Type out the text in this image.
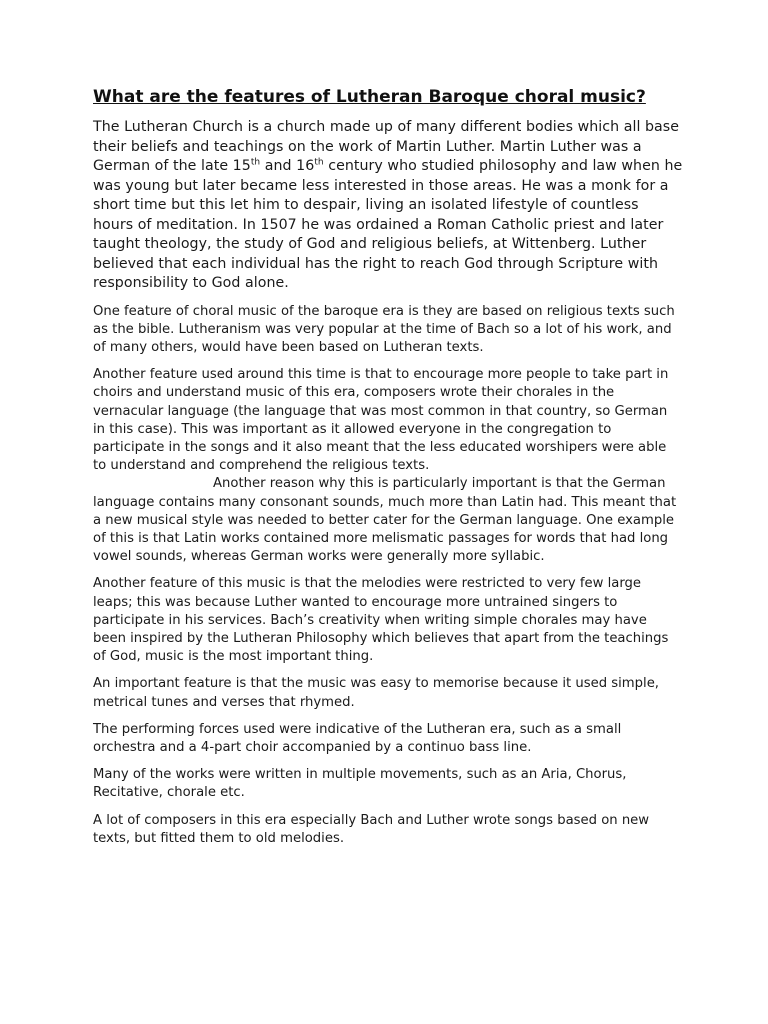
What are the features of Lutheran Baroque choral music?

The Lutheran Church is a church made up of many different bodies which all base their beliefs and teachings on the work of Martin Luther. Martin Luther was a German of the late 15th and 16th century who studied philosophy and law when he was young but later became less interested in those areas. He was a monk for a short time but this let him to despair, living an isolated lifestyle of countless hours of meditation. In 1507 he was ordained a Roman Catholic priest and later taught theology, the study of God and religious beliefs, at Wittenberg. Luther believed that each individual has the right to reach God through Scripture with responsibility to God alone.

One feature of choral music of the baroque era is they are based on religious texts such as the bible. Lutheranism was very popular at the time of Bach so a lot of his work, and of many others, would have been based on Lutheran texts.

Another feature used around this time is that to encourage more people to take part in choirs and understand music of this era, composers wrote their chorales in the vernacular language (the language that was most common in that country, so German in this case). This was important as it allowed everyone in the congregation to participate in the songs and it also meant that the less educated worshipers were able to understand and comprehend the religious texts.
Another reason why this is particularly important is that the German language contains many consonant sounds, much more than Latin had. This meant that a new musical style was needed to better cater for the German language. One example of this is that Latin works contained more melismatic passages for words that had long vowel sounds, whereas German works were generally more syllabic.

Another feature of this music is that the melodies were restricted to very few large leaps; this was because Luther wanted to encourage more untrained singers to participate in his services. Bach’s creativity when writing simple chorales may have been inspired by the Lutheran Philosophy which believes that apart from the teachings of God, music is the most important thing.

An important feature is that the music was easy to memorise because it used simple, metrical tunes and verses that rhymed.

The performing forces used were indicative of the Lutheran era, such as a small orchestra and a 4-part choir accompanied by a continuo bass line.

Many of the works were written in multiple movements, such as an Aria, Chorus, Recitative, chorale etc.

A lot of composers in this era especially Bach and Luther wrote songs based on new texts, but fitted them to old melodies.
